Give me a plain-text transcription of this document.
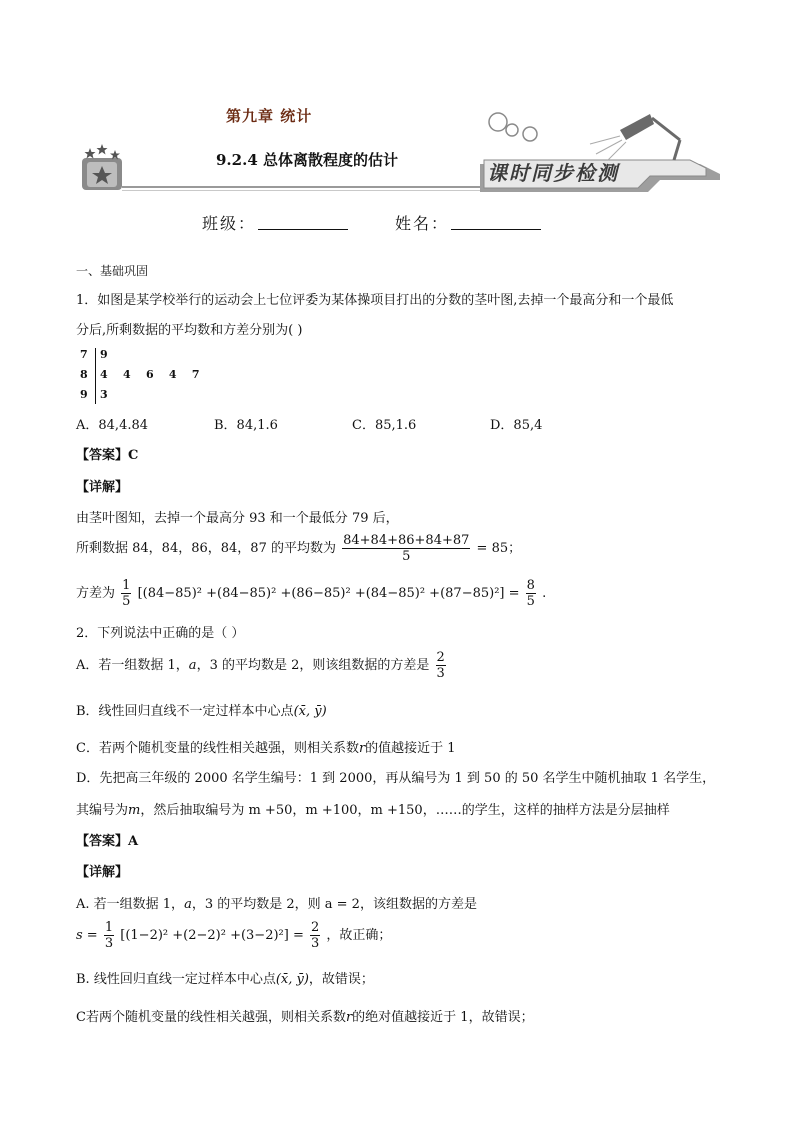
第九章 统计
9.2.4 总体离散程度的估计
课时同步检测
班级：	姓名：
一、基础巩固
1．如图是某学校举行的运动会上七位评委为某体操项目打出的分数的茎叶图,去掉一个最高分和一个最低
分后,所剩数据的平均数和方差分别为( )
7 9
8 4    4    6    4    7
9 3
A．84,4.84	B．84,1.6	C．85,1.6	D．85,4
【答案】C
【详解】
由茎叶图知，去掉一个最高分 93 和一个最低分 79 后，
所剩数据 84，84，86，84，87 的平均数为 $\frac{84+84+86+84+87}{5} = 85$；
方差为 $\frac{1}{5} [(84-85)^2 +(84-85)^2 +(86-85)^2 +(84-85)^2 +(87-85)^2] = \frac{8}{5}$ .
2．下列说法中正确的是（ ）
A．若一组数据 1，a，3 的平均数是 2，则该组数据的方差是 $\frac{2}{3}$
B．线性回归直线不一定过样本中心点(x̄, ȳ)
C．若两个随机变量的线性相关越强，则相关系数r的值越接近于 1
D．先把高三年级的 2000 名学生编号：1 到 2000，再从编号为 1 到 50 的 50 名学生中随机抽取 1 名学生，
其编号为m，然后抽取编号为 m +50，m +100，m +150，……的学生，这样的抽样方法是分层抽样
【答案】A
【详解】
A. 若一组数据 1，a，3 的平均数是 2，则 a = 2，该组数据的方差是
$s = \frac{1}{3} [(1-2)^2 +(2-2)^2 +(3-2)^2] = \frac{2}{3}$ ，故正确；
B. 线性回归直线一定过样本中心点(x̄, ȳ)，故错误；
C若两个随机变量的线性相关越强，则相关系数r的绝对值越接近于 1，故错误；
